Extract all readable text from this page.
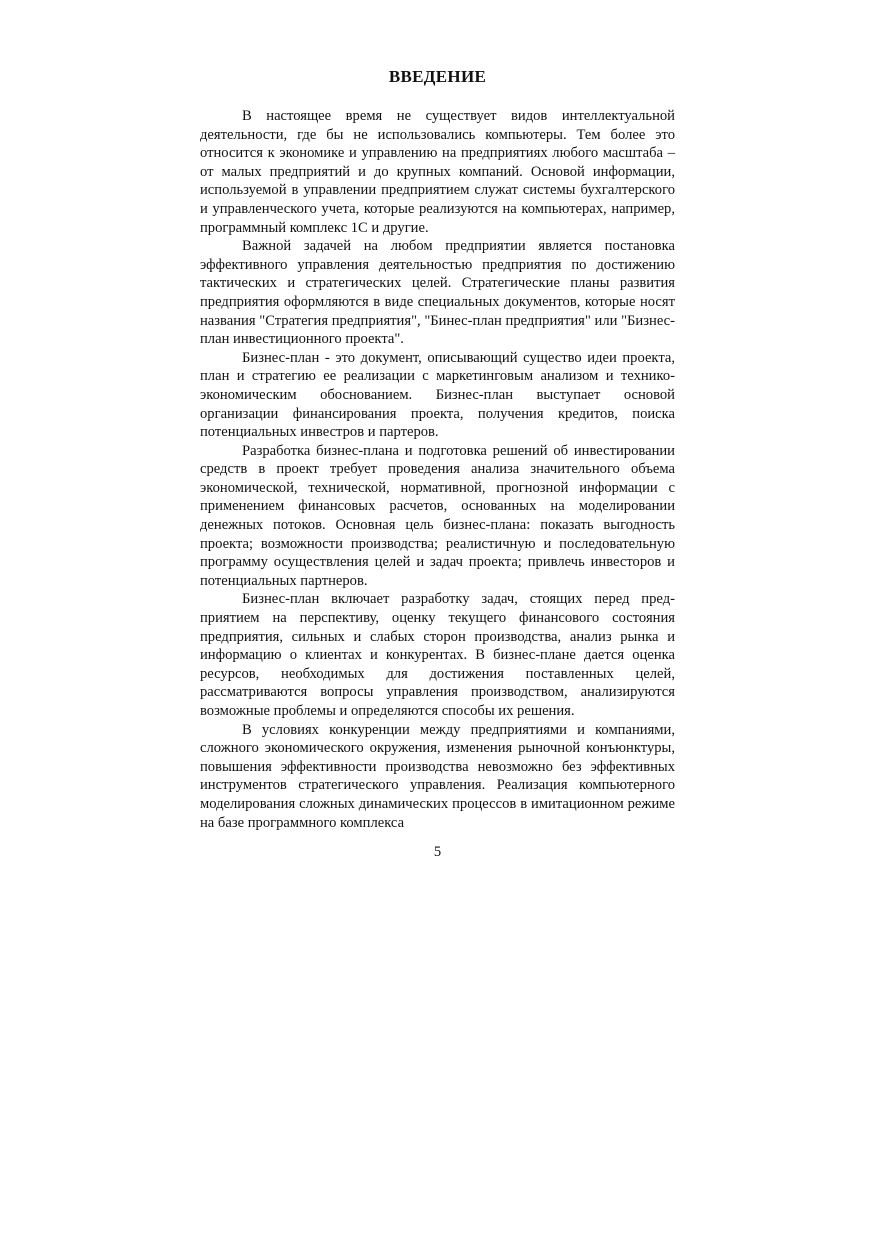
ВВЕДЕНИЕ

В настоящее время не существует видов интеллектуальной деятельности, где бы не использовались компьютеры. Тем более это относится к экономике и управлению на предприятиях любого масштаба – от малых предприятий и до крупных компаний. Основой информации, используемой в управлении предприятием служат системы бухгалтерского и управленческого учета, которые реализуются на компьютерах, например, программный комплекс 1С и другие.

Важной задачей на любом предприятии является постановка эффективного управления деятельностью предприятия по достижению тактических и стратегических целей. Стратегические планы развития предприятия оформляются в виде специальных документов, которые носят названия "Стратегия предприятия", "Бинес-план предприятия" или "Бизнес-план инвестиционного проекта".

Бизнес-план - это документ, описывающий существо идеи проекта, план и стратегию ее реализации с маркетинговым анализом и технико-экономическим обоснованием. Бизнес-план выступает основой организации финансирования проекта, получения кредитов, поиска потенциальных инвестров и партеров.

Разработка бизнес-плана и подготовка решений об инвестировании средств в проект требует проведения анализа значительного объема экономической, технической, нормативной, прогнозной информации с применением финансовых расчетов, основанных на моделировании денежных потоков. Основная цель бизнес-плана: показать выгодность проекта; возможности производства; реалистичную и последовательную программу осуществления целей и задач проекта; привлечь инвесторов и потенциальных партнеров.

Бизнес-план включает разработку задач, стоящих перед предприятием на перспективу, оценку текущего финансового состояния предприятия, сильных и слабых сторон производства, анализ рынка и информацию о клиентах и конкурентах. В бизнес-плане дается оценка ресурсов, необходимых для достижения поставленных целей, рассматриваются вопросы управления производством, анализируются возможные проблемы и определяются способы их решения.

В условиях конкуренции между предприятиями и компаниями, сложного экономического окружения, изменения рыночной конъюнктуры, повышения эффективности производства невозможно без эффективных инструментов стратегического управления. Реализация компьютерного моделирования сложных динамических процессов в имитационном режиме на базе программного комплекса

5
